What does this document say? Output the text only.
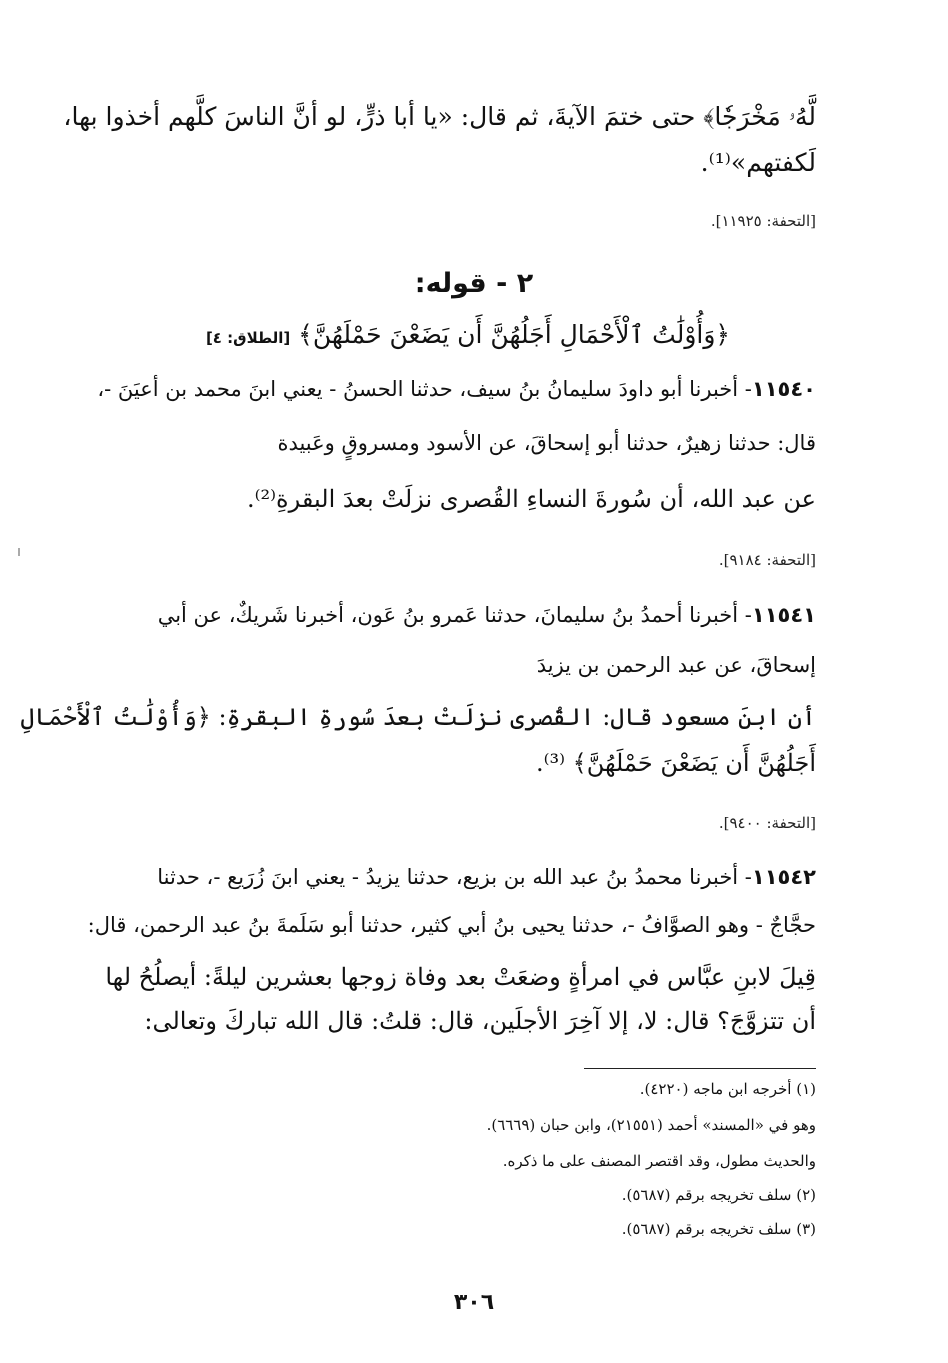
لَّهُۥ مَخْرَجٗا﴾ حتى ختمَ الآيةَ، ثم قال: «يا أبا ذرٍّ، لو أنَّ الناسَ كلَّهم أخذوا بها،
لَكفتهم»⁽¹⁾.
[التحفة: ١١٩٢٥].
٢ - قوله:
﴿وَأُوْلَٰتُ ٱلْأَحْمَالِ أَجَلُهُنَّ أَن يَضَعْنَ حَمْلَهُنَّ﴾ [الطلاق: ٤]
١١٥٤٠- أخبرنا أبو داودَ سليمانُ بنُ سيف، حدثنا الحسنُ - يعني ابنَ محمد بن أعيَنَ -،
قال: حدثنا زهيرٌ، حدثنا أبو إسحاقَ، عن الأسود ومسروقٍ وعَبيدة
عن عبد الله، أن سُورةَ النساءِ القُصرى نزلَتْ بعدَ البقرةِ⁽²⁾.
[التحفة: ٩١٨٤].
١١٥٤١- أخبرنا أحمدُ بنُ سليمانَ، حدثنا عَمرو بنُ عَون، أخبرنا شَريكٌ، عن أبي
إسحاقَ، عن عبد الرحمن بن يزيدَ
أن ابنَ مسعود قال: القُصرى نزلَتْ بعدَ سُورةِ البقرةِ: ﴿وَأُوْلَٰتُ ٱلْأَحْمَالِ
أَجَلُهُنَّ أَن يَضَعْنَ حَمْلَهُنَّ﴾ ⁽³⁾.
[التحفة: ٩٤٠٠].
١١٥٤٢- أخبرنا محمدُ بنُ عبد الله بن بزيع، حدثنا يزيدُ - يعني ابنَ زُرَيع -، حدثنا
حجَّاجٌ - وهو الصوَّافُ -، حدثنا يحيى بنُ أبي كثير، حدثنا أبو سَلَمةَ بنُ عبد الرحمن، قال:
قِيلَ لابنِ عبَّاس في امرأةٍ وضعَتْ بعد وفاة زوجها بعشرين ليلةً: أيصلُحُ لها
أن تتزوَّجَ؟ قال: لا، إلا آخِرَ الأجلَين، قال: قلتُ: قال الله تباركَ وتعالى:
(١) أخرجه ابن ماجه (٤٢٢٠).
وهو في «المسند» أحمد (٢١٥٥١)، وابن حبان (٦٦٦٩).
والحديث مطول، وقد اقتصر المصنف على ما ذكره.
(٢) سلف تخريجه برقم (٥٦٨٧).
(٣) سلف تخريجه برقم (٥٦٨٧).
٣٠٦
